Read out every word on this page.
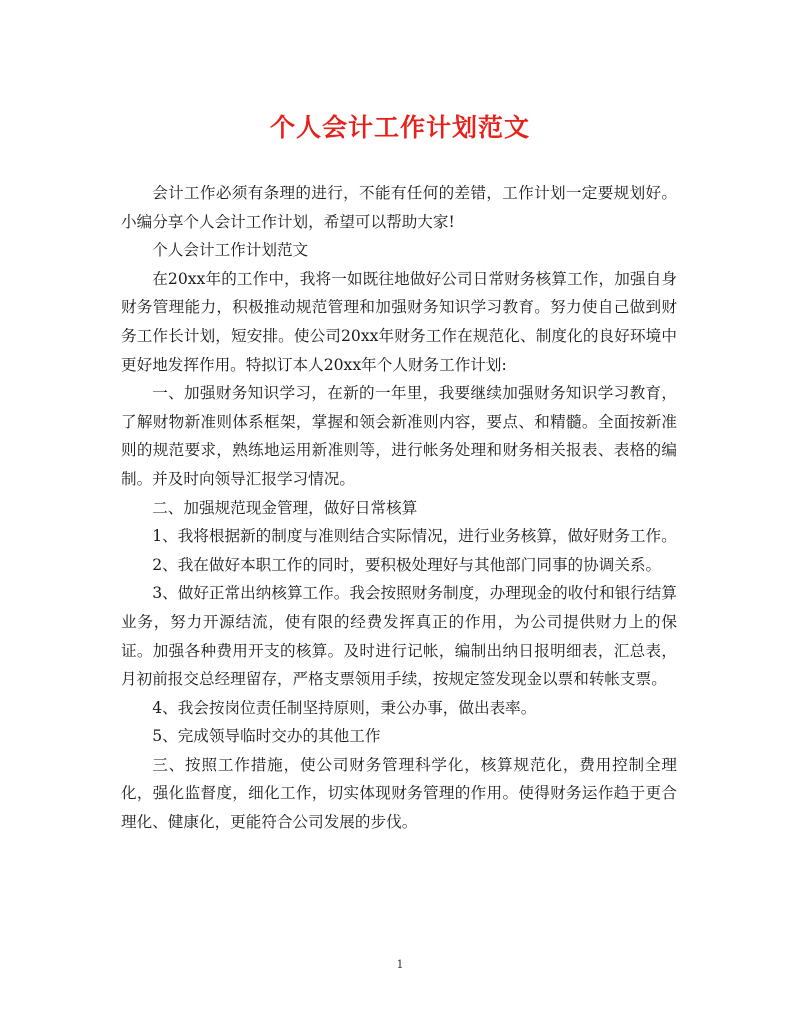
个人会计工作计划范文

会计工作必须有条理的进行，不能有任何的差错，工作计划一定要规划好。小编分享个人会计工作计划，希望可以帮助大家!

个人会计工作计划范文

在20xx年的工作中，我将一如既往地做好公司日常财务核算工作，加强自身财务管理能力，积极推动规范管理和加强财务知识学习教育。努力使自己做到财务工作长计划，短安排。使公司20xx年财务工作在规范化、制度化的良好环境中更好地发挥作用。特拟订本人20xx年个人财务工作计划:

一、加强财务知识学习，在新的一年里，我要继续加强财务知识学习教育，了解财物新准则体系框架，掌握和领会新准则内容，要点、和精髓。全面按新准则的规范要求，熟练地运用新准则等，进行帐务处理和财务相关报表、表格的编制。并及时向领导汇报学习情况。

二、加强规范现金管理，做好日常核算

1、我将根据新的制度与准则结合实际情况，进行业务核算，做好财务工作。

2、我在做好本职工作的同时，要积极处理好与其他部门同事的协调关系。

3、做好正常出纳核算工作。我会按照财务制度，办理现金的收付和银行结算业务，努力开源结流，使有限的经费发挥真正的作用，为公司提供财力上的保证。加强各种费用开支的核算。及时进行记帐，编制出纳日报明细表，汇总表，月初前报交总经理留存，严格支票领用手续，按规定签发现金以票和转帐支票。

4、我会按岗位责任制坚持原则，秉公办事，做出表率。

5、完成领导临时交办的其他工作

三、按照工作措施，使公司财务管理科学化，核算规范化，费用控制全理化，强化监督度，细化工作，切实体现财务管理的作用。使得财务运作趋于更合理化、健康化，更能符合公司发展的步伐。

1
